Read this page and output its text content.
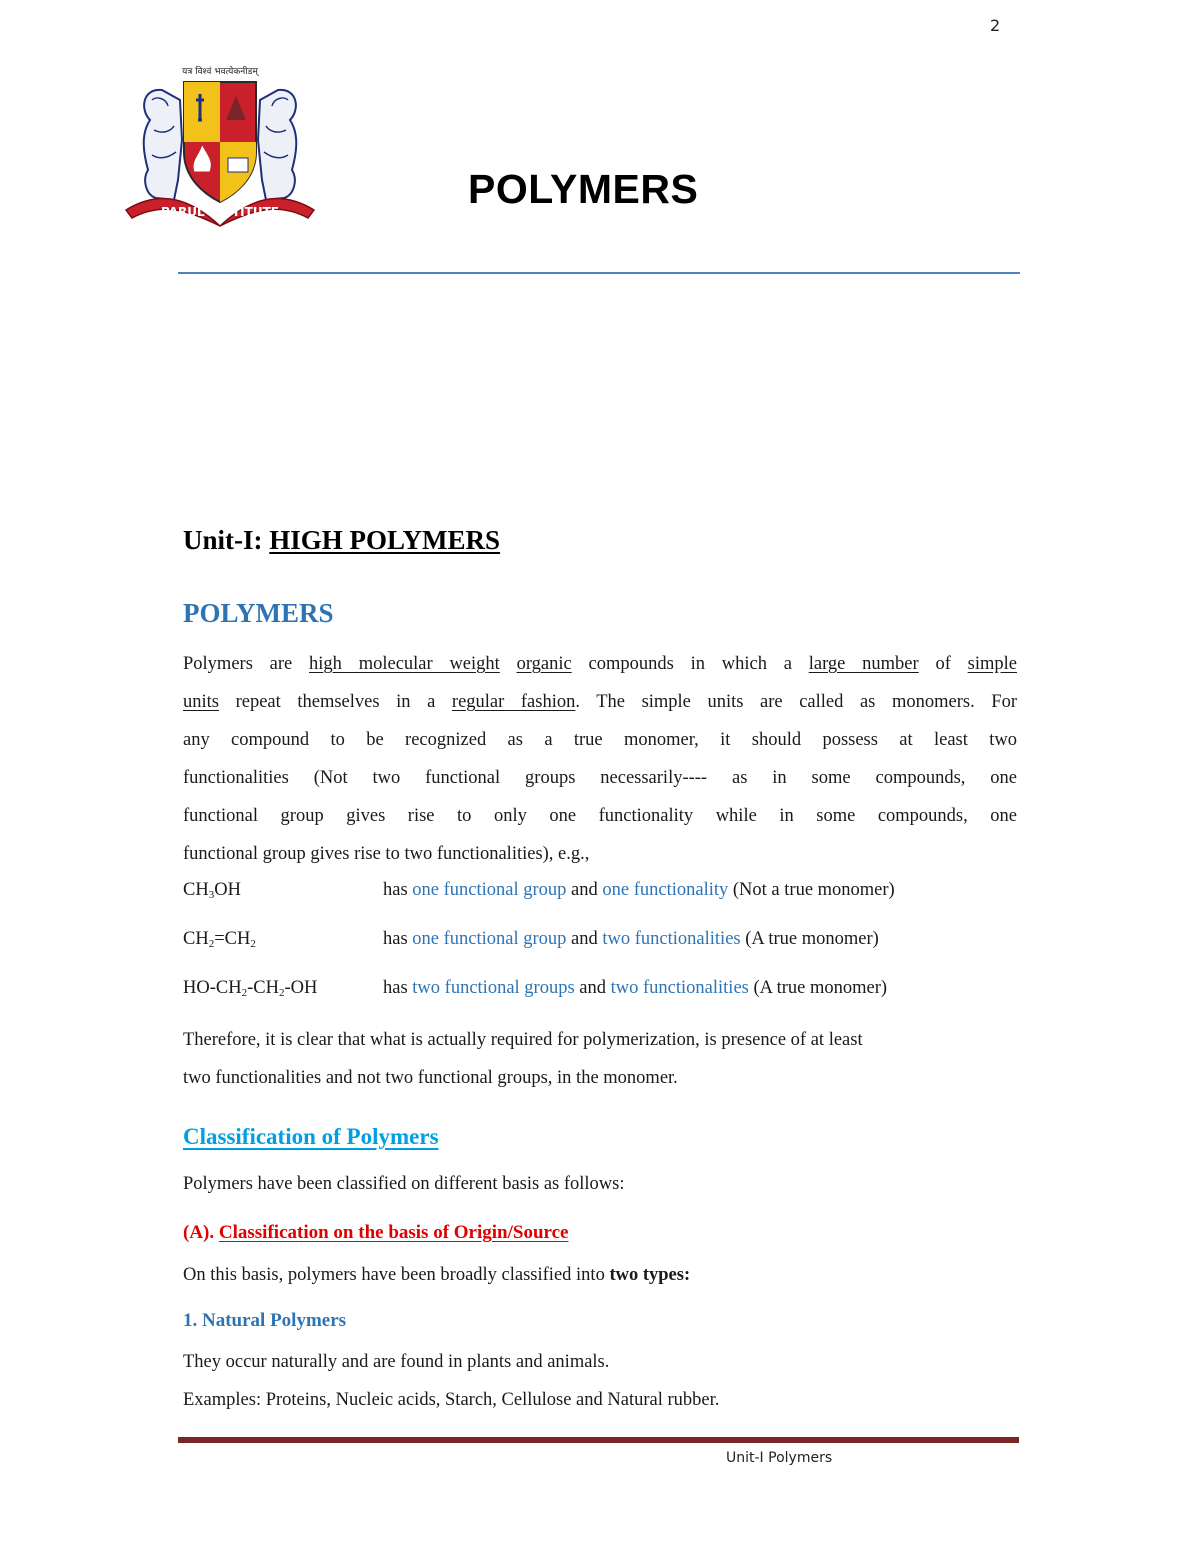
2
यत्र विश्वं भवत्येकनीडम्
PARUL INSTITUTE	POLYMERS
Unit-I: HIGH POLYMERS
POLYMERS
Polymers are high molecular weight organic compounds in which a large number of simple
units repeat themselves in a regular fashion. The simple units are called as monomers. For
any compound to be recognized as a true monomer, it should possess at least two
functionalities (Not two functional groups necessarily---- as in some compounds, one
functional group gives rise to only one functionality while in some compounds, one
functional group gives rise to two functionalities), e.g.,
$CH_3OH$	has one functional group and one functionality (Not a true monomer)
$CH_2=CH_2$	has one functional group and two functionalities (A true monomer)
$HO-CH_2-CH_2-OH$	has two functional groups and two functionalities (A true monomer)
Therefore, it is clear that what is actually required for polymerization, is presence of at least
two functionalities and not two functional groups, in the monomer.
Classification of Polymers
Polymers have been classified on different basis as follows:
(A). Classification on the basis of Origin/Source
On this basis, polymers have been broadly classified into two types:
1. Natural Polymers
They occur naturally and are found in plants and animals.
Examples: Proteins, Nucleic acids, Starch, Cellulose and Natural rubber.
Unit-I Polymers
